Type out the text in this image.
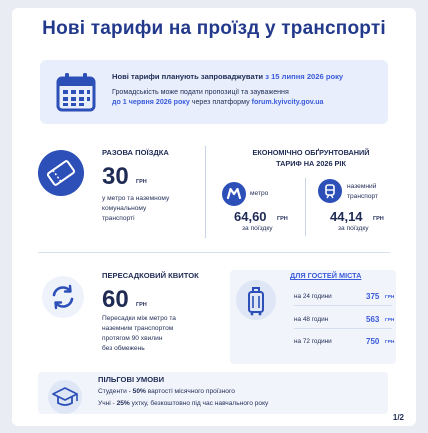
Нові тарифи на проїзд у транспорті
Нові тарифи планують запроваджувати з 15 липня 2026 року
Громадськість може подати пропозиції та зауваження
до 1 червня 2026 року через платформу forum.kyivcity.gov.ua
РАЗОВА ПОЇЗДКА
30 ГРН
у метро та наземному
комунальному
транспорті
ЕКОНОМІЧНО ОБҐРУНТОВАНИЙ
ТАРИФ НА 2026 РІК
метро
64,60 ГРН
за поїздку
наземний
транспорт
44,14 ГРН
за поїздку
ПЕРЕСАДКОВИЙ КВИТОК
60 ГРН
Пересадки між метро та
наземним транспортом
протягом 90 хвилин
без обмежень
ДЛЯ ГОСТЕЙ МІСТА
на 24 години	375 ГРН
на 48 годин	563 ГРН
на 72 години	750 ГРН
ПІЛЬГОВІ УМОВИ
Студенти - 50% вартості місячного проїзного
Учні - 25% ухтку, безкоштовно під час навчального року
1/2
